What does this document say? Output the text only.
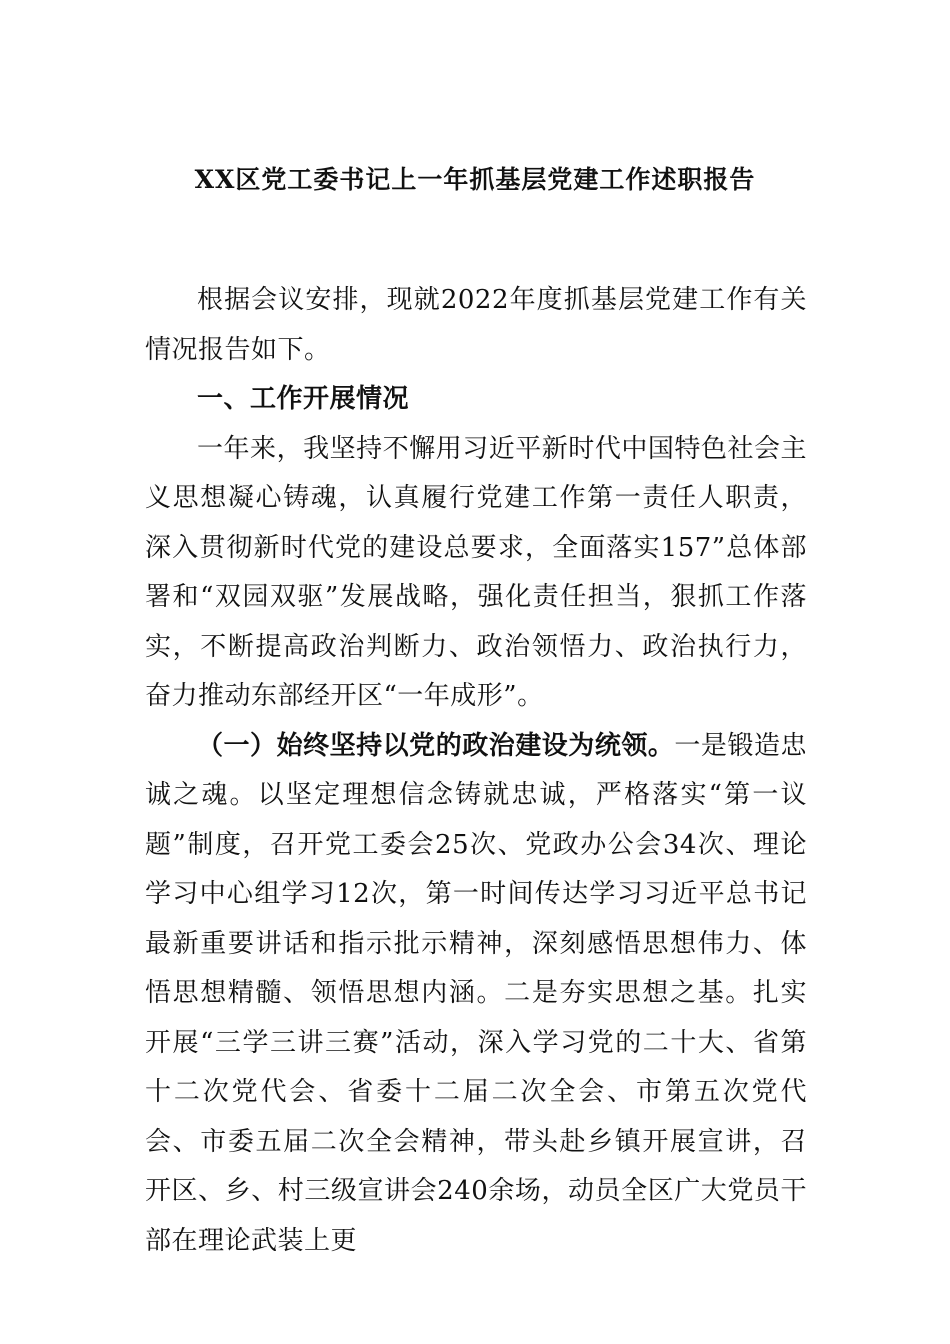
XX区党工委书记上一年抓基层党建工作述职报告

根据会议安排，现就2022年度抓基层党建工作有关情况报告如下。

一、工作开展情况

一年来，我坚持不懈用习近平新时代中国特色社会主义思想凝心铸魂，认真履行党建工作第一责任人职责，深入贯彻新时代党的建设总要求，全面落实157”总体部署和“双园双驱”发展战略，强化责任担当，狠抓工作落实，不断提高政治判断力、政治领悟力、政治执行力，奋力推动东部经开区“一年成形”。

（一）始终坚持以党的政治建设为统领。一是锻造忠诚之魂。以坚定理想信念铸就忠诚，严格落实“第一议题”制度，召开党工委会25次、党政办公会34次、理论学习中心组学习12次，第一时间传达学习习近平总书记最新重要讲话和指示批示精神，深刻感悟思想伟力、体悟思想精髓、领悟思想内涵。二是夯实思想之基。扎实开展“三学三讲三赛”活动，深入学习党的二十大、省第十二次党代会、省委十二届二次全会、市第五次党代会、市委五届二次全会精神，带头赴乡镇开展宣讲，召开区、乡、村三级宣讲会240余场，动员全区广大党员干部在理论武装上更
